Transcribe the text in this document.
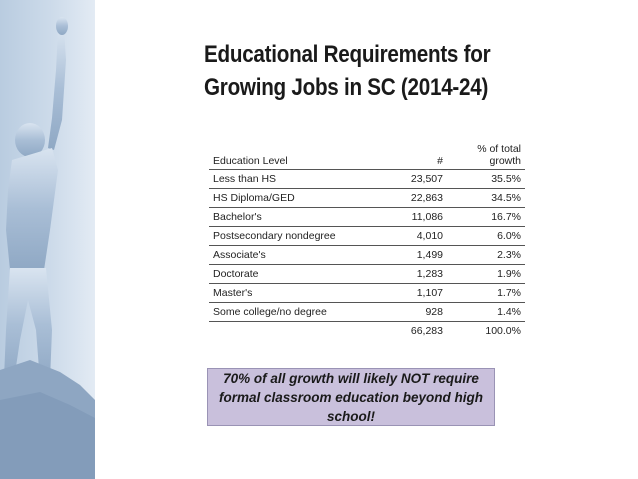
Educational Requirements for
Growing Jobs in SC (2014-24)
Education Level	#	% of total
growth

Less than HS	23,507	35.5%
HS Diploma/GED	22,863	34.5%
Bachelor's	11,086	16.7%
Postsecondary nondegree	4,010	6.0%
Associate's	1,499	2.3%
Doctorate	1,283	1.9%
Master's	1,107	1.7%
Some college/no degree	928	1.4%
	66,283	100.0%
70% of all growth will likely NOT require formal classroom education beyond high school!
